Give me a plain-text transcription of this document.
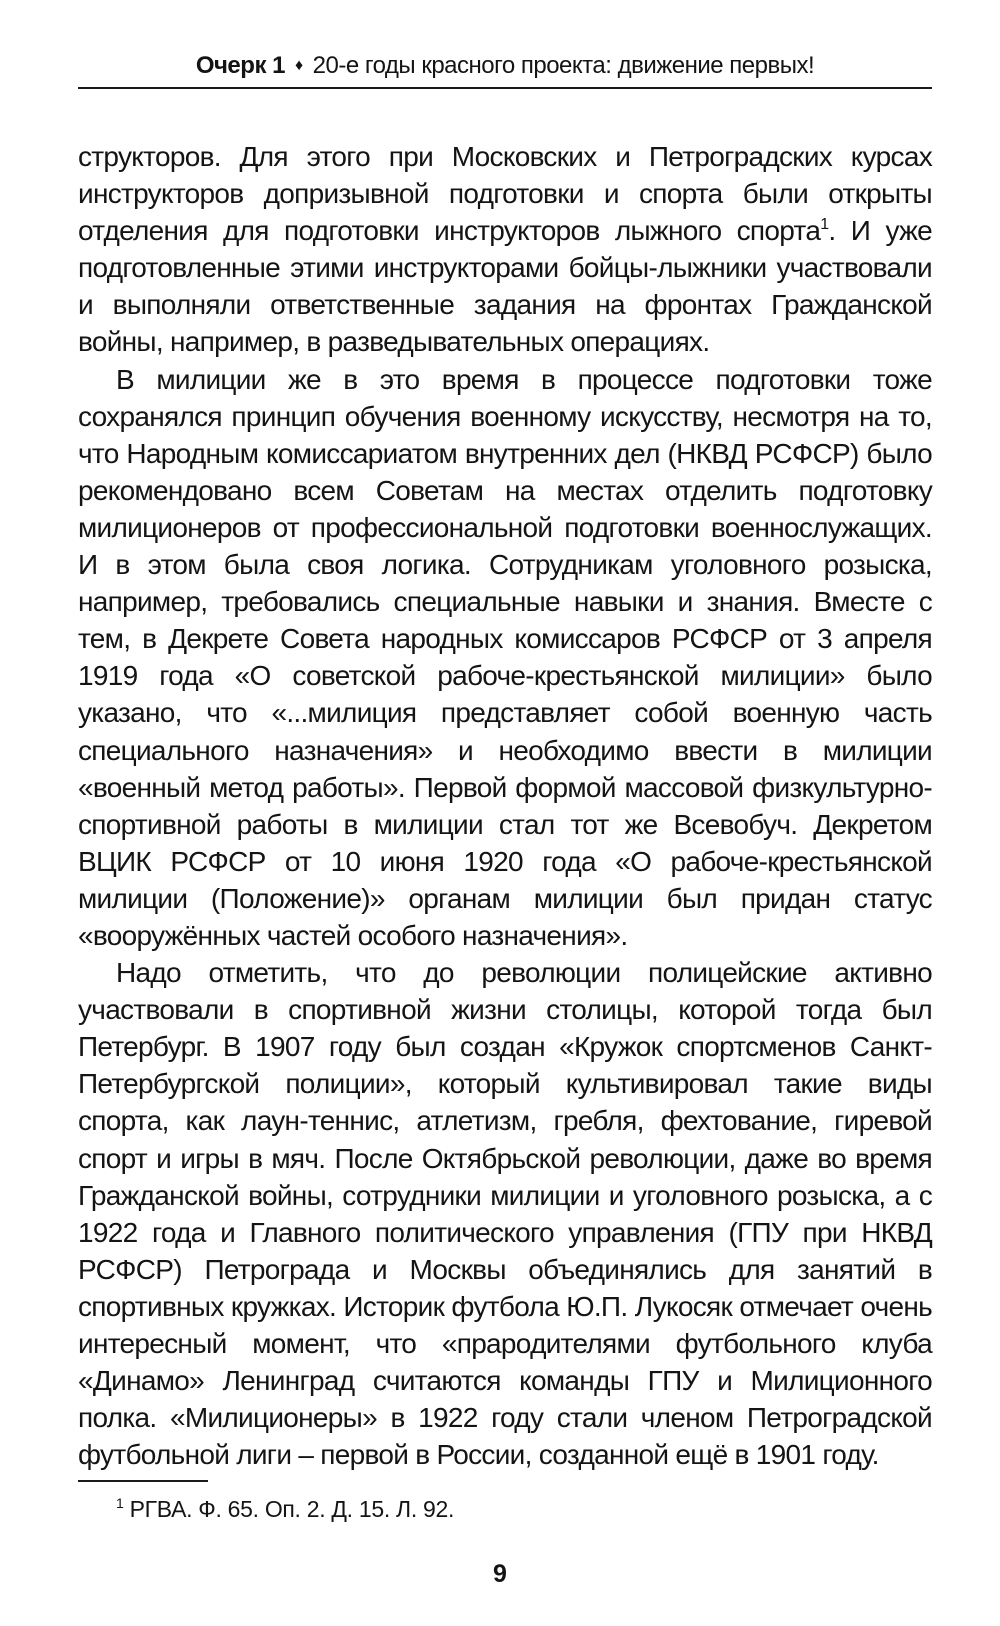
Очерк 1 ♦ 20-е годы красного проекта: движение первых!

структоров. Для этого при Московских и Петроградских курсах инструкторов допризывной подготовки и спорта были открыты отделения для подготовки инструкторов лыжного спорта$^1$. И уже подготовленные этими инструкторами бойцы-лыжники участвовали и выполняли ответственные задания на фронтах Гражданской войны, например, в разведывательных операциях.

В милиции же в это время в процессе подготовки тоже сохранялся принцип обучения военному искусству, несмотря на то, что Народным комиссариатом внутренних дел (НКВД РСФСР) было рекомендовано всем Советам на местах отделить подготовку милиционеров от профессиональной подготовки военнослужащих. И в этом была своя логика. Сотрудникам уголовного розыска, например, требовались специальные навыки и знания. Вместе с тем, в Декрете Совета народных комиссаров РСФСР от 3 апреля 1919 года «О советской рабоче-крестьянской милиции» было указано, что «...милиция представляет собой военную часть специального назначения» и необходимо ввести в милиции «военный метод работы». Первой формой массовой физкультурно-спортивной работы в милиции стал тот же Всевобуч. Декретом ВЦИК РСФСР от 10 июня 1920 года «О рабоче-крестьянской милиции (Положение)» органам милиции был придан статус «вооружённых частей особого назначения».

Надо отметить, что до революции полицейские активно участвовали в спортивной жизни столицы, которой тогда был Петербург. В 1907 году был создан «Кружок спортсменов Санкт-Петербургской полиции», который культивировал такие виды спорта, как лаун-теннис, атлетизм, гребля, фехтование, гиревой спорт и игры в мяч. После Октябрьской революции, даже во время Гражданской войны, сотрудники милиции и уголовного розыска, а с 1922 года и Главного политического управления (ГПУ при НКВД РСФСР) Петрограда и Москвы объединялись для занятий в спортивных кружках. Историк футбола Ю.П. Лукосяк отмечает очень интересный момент, что «прародителями футбольного клуба «Динамо» Ленинград считаются команды ГПУ и Милиционного полка. «Милиционеры» в 1922 году стали членом Петроградской футбольной лиги – первой в России, созданной ещё в 1901 году.

$^1$ РГВА. Ф. 65. Оп. 2. Д. 15. Л. 92.
9
